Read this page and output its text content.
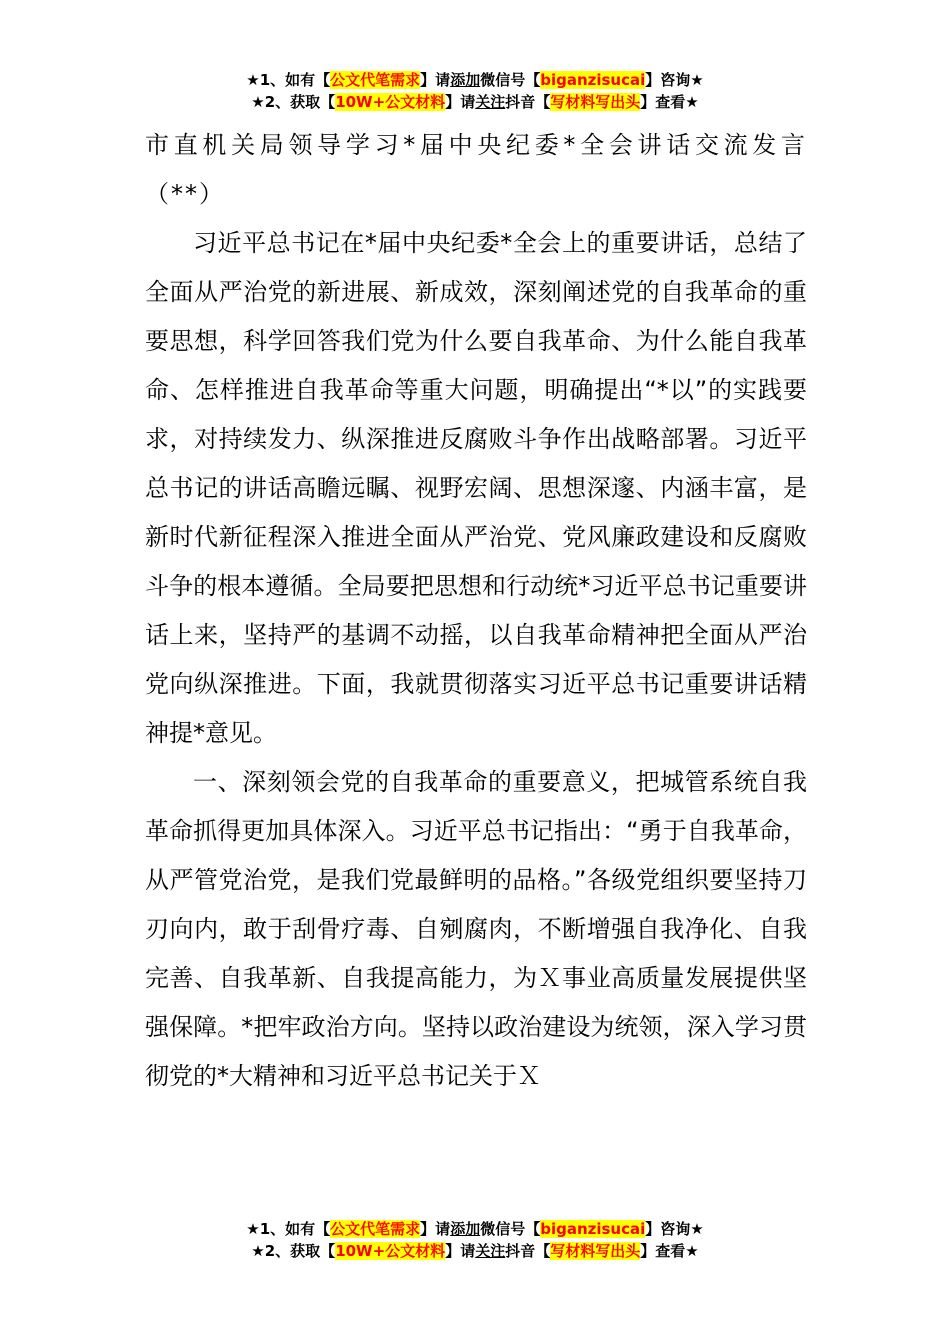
★1、如有【公文代笔需求】请添加微信号【biganzisucai】咨询★
★2、获取【10W+公文材料】请关注抖音【写材料写出头】查看★
市直机关局领导学习*届中央纪委*全会讲话交流发言（**）

习近平总书记在*届中央纪委*全会上的重要讲话，总结了全面从严治党的新进展、新成效，深刻阐述党的自我革命的重要思想，科学回答我们党为什么要自我革命、为什么能自我革命、怎样推进自我革命等重大问题，明确提出“*以”的实践要求，对持续发力、纵深推进反腐败斗争作出战略部署。习近平总书记的讲话高瞻远瞩、视野宏阔、思想深邃、内涵丰富，是新时代新征程深入推进全面从严治党、党风廉政建设和反腐败斗争的根本遵循。全局要把思想和行动统*习近平总书记重要讲话上来，坚持严的基调不动摇，以自我革命精神把全面从严治党向纵深推进。下面，我就贯彻落实习近平总书记重要讲话精神提*意见。

一、深刻领会党的自我革命的重要意义，把城管系统自我革命抓得更加具体深入。习近平总书记指出：“勇于自我革命，从严管党治党，是我们党最鲜明的品格。”各级党组织要坚持刀刃向内，敢于刮骨疗毒、自剜腐肉，不断增强自我净化、自我完善、自我革新、自我提高能力，为Ｘ事业高质量发展提供坚强保障。*把牢政治方向。坚持以政治建设为统领，深入学习贯彻党的*大精神和习近平总书记关于Ｘ

★1、如有【公文代笔需求】请添加微信号【biganzisucai】咨询★
★2、获取【10W+公文材料】请关注抖音【写材料写出头】查看★
